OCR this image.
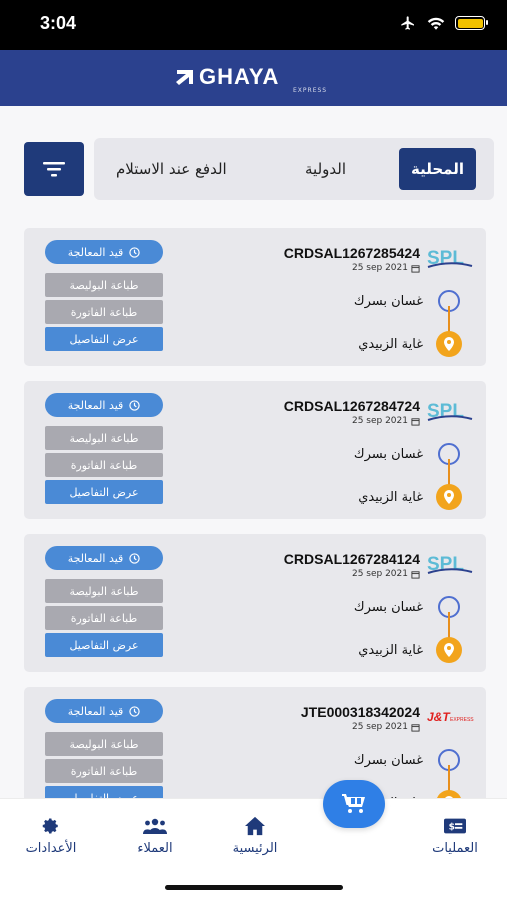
3:04
GHAYA
EXPRESS
الدفع عند الاستلام	الدولية	المحلية
قيد المعالجة
طباعة البوليصة
طباعة الفاتورة
عرض التفاصيل
CRDSAL1267285424
25 sep 2021 SPL
غسان بسرك
غاية الزبيدي
قيد المعالجة
طباعة البوليصة
طباعة الفاتورة
عرض التفاصيل
CRDSAL1267284724
25 sep 2021 SPL
غسان بسرك
غاية الزبيدي
قيد المعالجة
طباعة البوليصة
طباعة الفاتورة
عرض التفاصيل
CRDSAL1267284124
25 sep 2021 SPL
غسان بسرك
غاية الزبيدي
قيد المعالجة
طباعة البوليصة
طباعة الفاتورة
JTE000318342024
25 sep 2021
J&T EXPRESS
غسان بسرك
الأعدادات	العملاء	الرئيسية
$
العمليات
